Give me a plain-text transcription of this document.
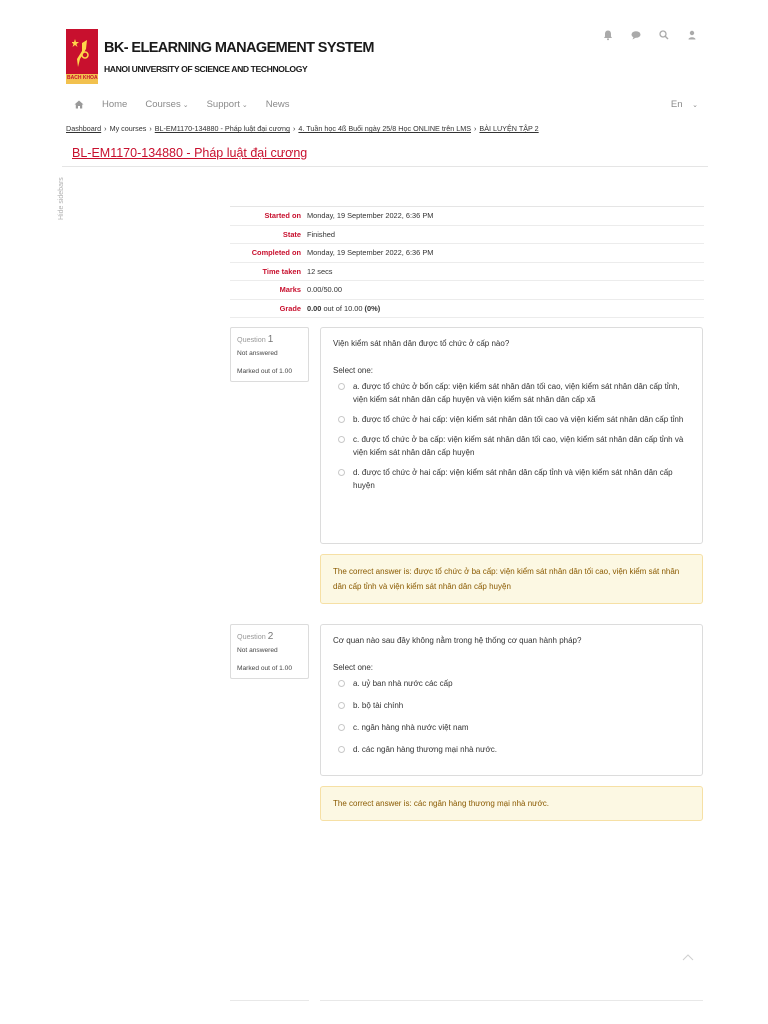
BACH KHOA
BK- ELEARNING MANAGEMENT SYSTEM
HANOI UNIVERSITY OF SCIENCE AND TECHNOLOGY
Home Courses ⌄ Support ⌄ News	En ⌄
Dashboard › My courses › BL-EM1170-134880 - Pháp luật đại cương › 4. Tuần học 4ß Buổi ngày 25/8 Học ONLINE trên LMS › BÀI LUYỆN TẬP 2
BL-EM1170-134880 - Pháp luật đại cương
Hide sidebars	Started on Monday, 19 September 2022, 6:36 PM
State Finished
Completed on Monday, 19 September 2022, 6:36 PM
Time taken 12 secs
Marks 0.00/50.00
Grade 0.00 out of 10.00 (0%)
Question 1
Not answered
Marked out of 1.00
Viện kiểm sát nhân dân được tổ chức ở cấp nào?
Select one:
a. được tổ chức ở bốn cấp: viện kiểm sát nhân dân tối cao, viện kiểm sát nhân dân cấp tỉnh, viện kiểm sát nhân dân cấp huyện và viện kiểm sát nhân dân cấp xã
b. được tổ chức ở hai cấp: viện kiểm sát nhân dân tối cao và viện kiểm sát nhân dân cấp tỉnh
c. được tổ chức ở ba cấp: viện kiểm sát nhân dân tối cao, viện kiểm sát nhân dân cấp tỉnh và viện kiểm sát nhân dân cấp huyện
d. được tổ chức ở hai cấp: viện kiểm sát nhân dân cấp tỉnh và viện kiểm sát nhân dân cấp huyện
The correct answer is: được tổ chức ở ba cấp: viện kiểm sát nhân dân tối cao, viện kiểm sát nhân dân cấp tỉnh và viện kiểm sát nhân dân cấp huyện
Question 2
Not answered
Marked out of 1.00
Cơ quan nào sau đây không nằm trong hệ thống cơ quan hành pháp?
Select one:
a. uỷ ban nhà nước các cấp
b. bộ tài chính
c. ngân hàng nhà nước việt nam
d. các ngân hàng thương mại nhà nước.
The correct answer is: các ngân hàng thương mại nhà nước.
